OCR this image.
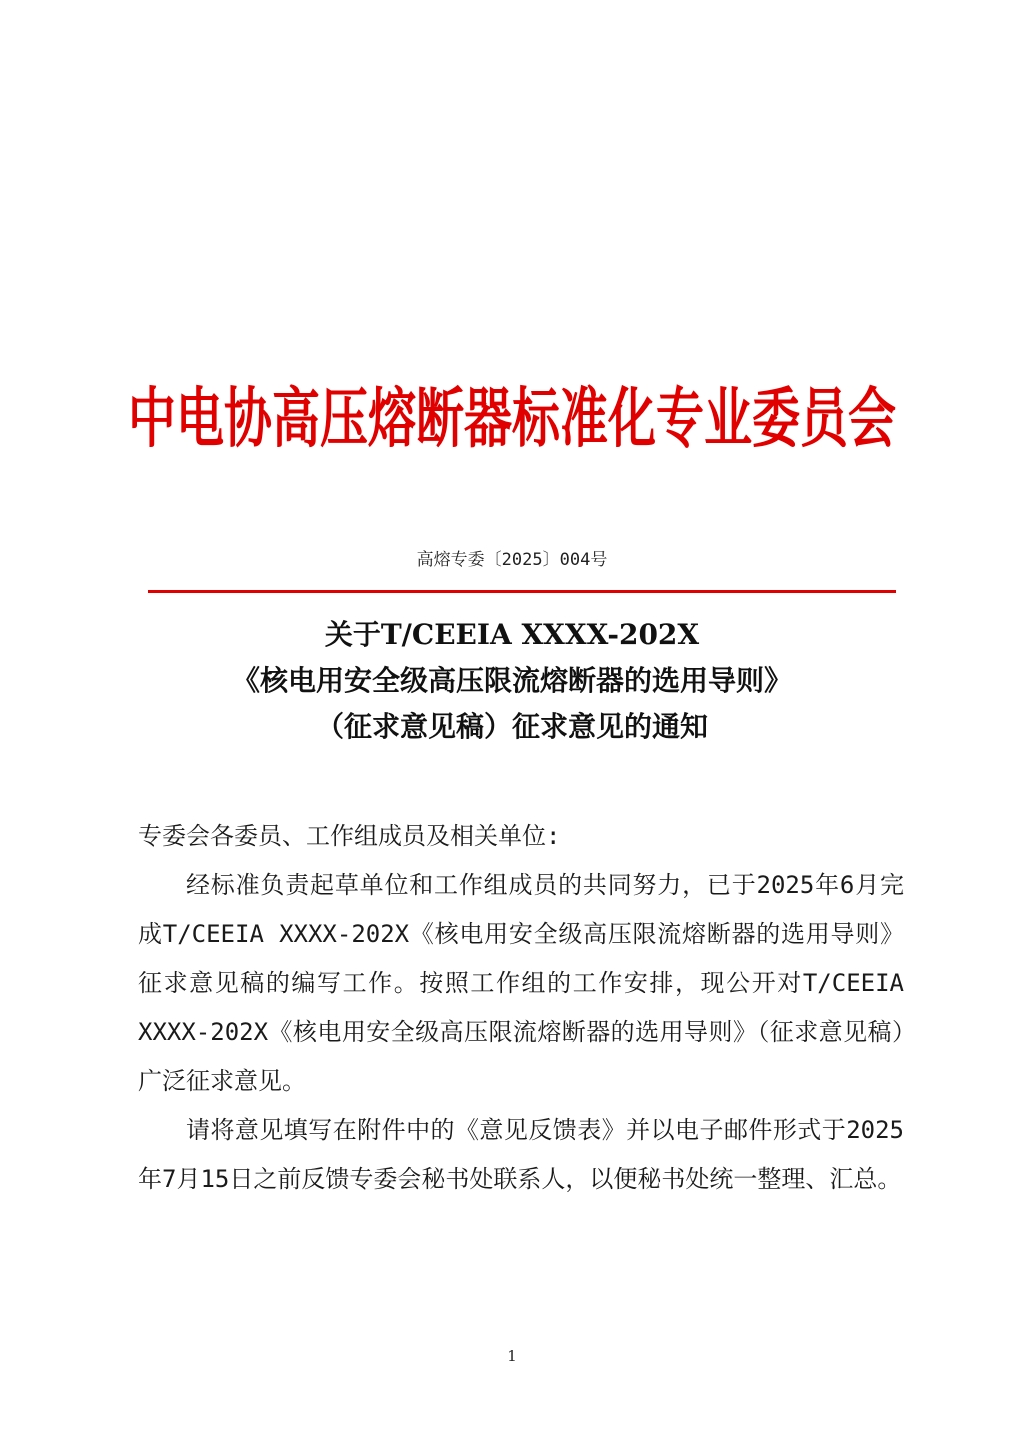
中电协高压熔断器标准化专业委员会
高熔专委〔2025〕004号
关于T/CEEIA XXXX-202X
《核电用安全级高压限流熔断器的选用导则》
（征求意见稿）征求意见的通知

专委会各委员、工作组成员及相关单位:

经标准负责起草单位和工作组成员的共同努力，已于2025年6月完成T/CEEIA XXXX-202X《核电用安全级高压限流熔断器的选用导则》征求意见稿的编写工作。按照工作组的工作安排，现公开对T/CEEIA XXXX-202X《核电用安全级高压限流熔断器的选用导则》（征求意见稿）广泛征求意见。

请将意见填写在附件中的《意见反馈表》并以电子邮件形式于2025年7月15日之前反馈专委会秘书处联系人，以便秘书处统一整理、汇总。

1
